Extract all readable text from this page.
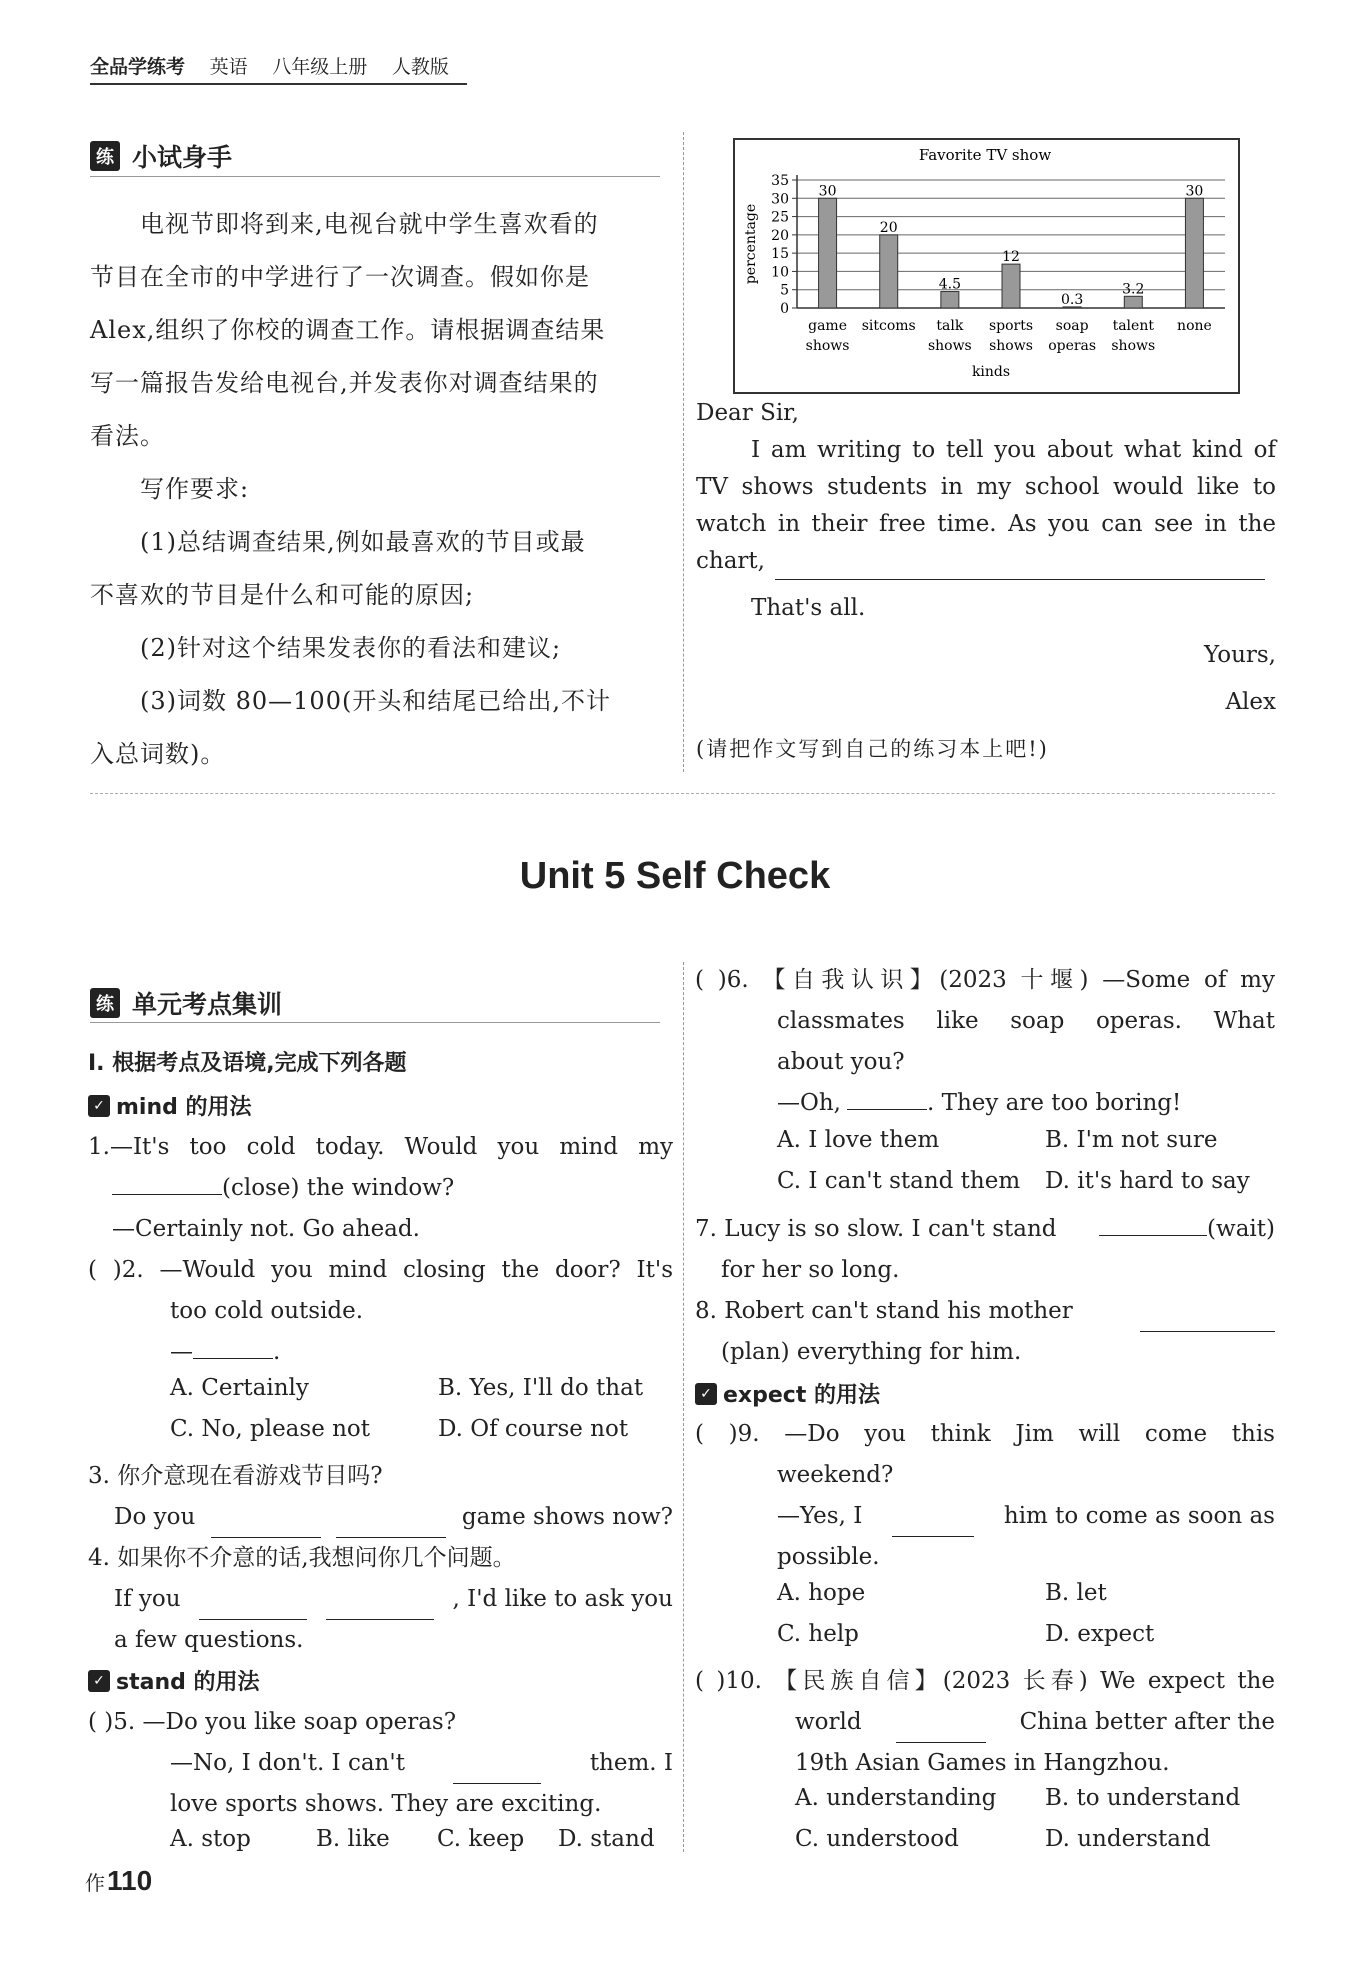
全品学练考 英语 八年级上册 人教版
练 小试身手
电视节即将到来,电视台就中学生喜欢看的
节目在全市的中学进行了一次调查。假如你是
Alex,组织了你校的调查工作。请根据调查结果
写一篇报告发给电视台,并发表你对调查结果的
看法。
写作要求:
(1)总结调查结果,例如最喜欢的节目或最
不喜欢的节目是什么和可能的原因;
(2)针对这个结果发表你的看法和建议;
(3)词数 80—100(开头和结尾已给出,不计
入总词数)。
Favorite TV show
0
5
10
15
20
25
30
35
percentage
30
game
shows
20
sitcoms
4.5
talk
shows
12
sports
shows
0.3
soap
operas
3.2
talent
shows
30
none
kinds
Dear Sir,
I am writing to tell you about what kind of
TV shows students in my school would like to
watch in their free time. As you can see in the
chart,
That's all.
Yours,
Alex
(请把作文写到自己的练习本上吧!)
Unit 5 Self Check
练 单元考点集训
Ⅰ. 根据考点及语境,完成下列各题
✓ mind 的用法
1.—It's too cold today. Would you mind my
(close) the window?
—Certainly not. Go ahead.
( )2. —Would you mind closing the door? It's
too cold outside.
—	.
A. Certainly	B. Yes, I'll do that
C. No, please not	D. Of course not
3. 你介意现在看游戏节目吗?
Do you	game shows now?
4. 如果你不介意的话,我想问你几个问题。
If you	, I'd like to ask you
a few questions.
✓ stand 的用法
( )5. —Do you like soap operas?
—No, I don't. I can't	them. I
love sports shows. They are exciting.
A. stop	B. like C. keep D. stand
( )6. 【自我认识】(2023 十堰) —Some of my
classmates like soap operas. What
about you?
—Oh,	. They are too boring!
A. I love them	B. I'm not sure
C. I can't stand them D. it's hard to say
7. Lucy is so slow. I can't stand	(wait)
for her so long.
8. Robert can't stand his mother
(plan) everything for him.
✓ expect 的用法
( )9. —Do you think Jim will come this
weekend?
—Yes, I	him to come as soon as
possible.
A. hope	B. let
C. help	D. expect
( )10. 【民族自信】(2023 长春) We expect the
world	China better after the
19th Asian Games in Hangzhou.
A. understanding B. to understand
C. understood	D. understand
作 110
